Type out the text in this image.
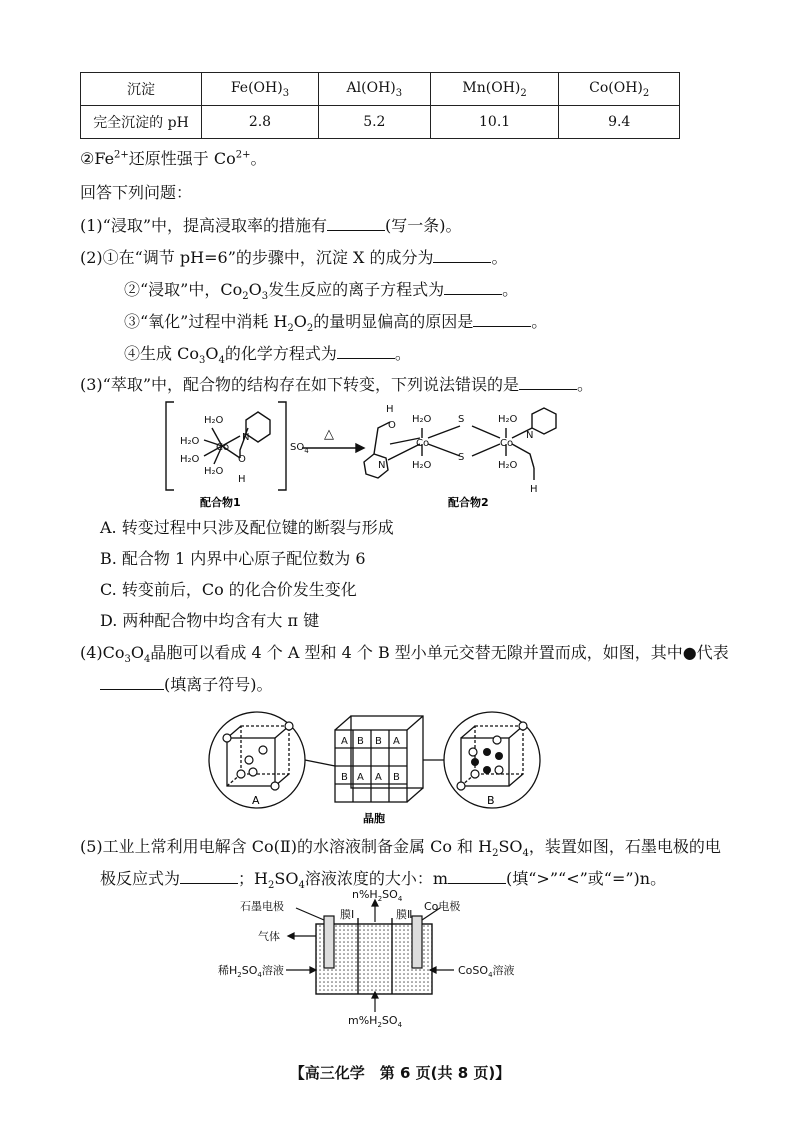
沉淀	$Fe(OH)_3$	$Al(OH)_3$	$Mn(OH)_2$	$Co(OH)_2$
完全沉淀的 pH	2.8	5.2	10.1	9.4
$②Fe^{2+}$还原性强于 $Co^{2+}$。
回答下列问题：
(1)“浸取”中，提高浸取率的措施有	(写一条)。
(2)①在“调节 pH=6”的步骤中，沉淀 X 的成分为	。
②“浸取”中，$Co_2O_3$发生反应的离子方程式为	。
③“氧化”过程中消耗 $H_2O_2$的量明显偏高的原因是	。
④生成 $Co_3O_4$的化学方程式为	。
(3)“萃取”中，配合物的结构存在如下转变，下列说法错误的是	。
H₂O
H₂O
H₂O
H₂O
Co
N
O
H
$SO_4$
△
H
O
H₂O
Co
H₂O
N
S
S
H₂O
Co
H₂O
N
H
配合物1	配合物2
A. 转变过程中只涉及配位键的断裂与形成
B. 配合物 1 内界中心原子配位数为 6
C. 转变前后，Co 的化合价发生变化
D. 两种配合物中均含有大 π 键
$(4)Co_3O_4$晶胞可以看成 4 个 A 型和 4 个 B 型小单元交替无隙并置而成，如图，其中●代表
(填离子符号)。
A B B A
B A A B
A	B
晶胞
(5)工业上常利用电解含 Co(Ⅱ)的水溶液制备金属 Co 和 $H_2SO_4$，装置如图，石墨电极的电
极反应式为	；$H_2SO_4$溶液浓度的大小：m	(填“>”“<”或“=”)n。
$n\%H_2SO_4$
石墨电极	Co电极
膜Ⅰ	膜Ⅱ
气体
稀$H_2SO_4$溶液	CoSO$_4$溶液
$m\%H_2SO_4$
【高三化学　第 6 页(共 8 页)】
